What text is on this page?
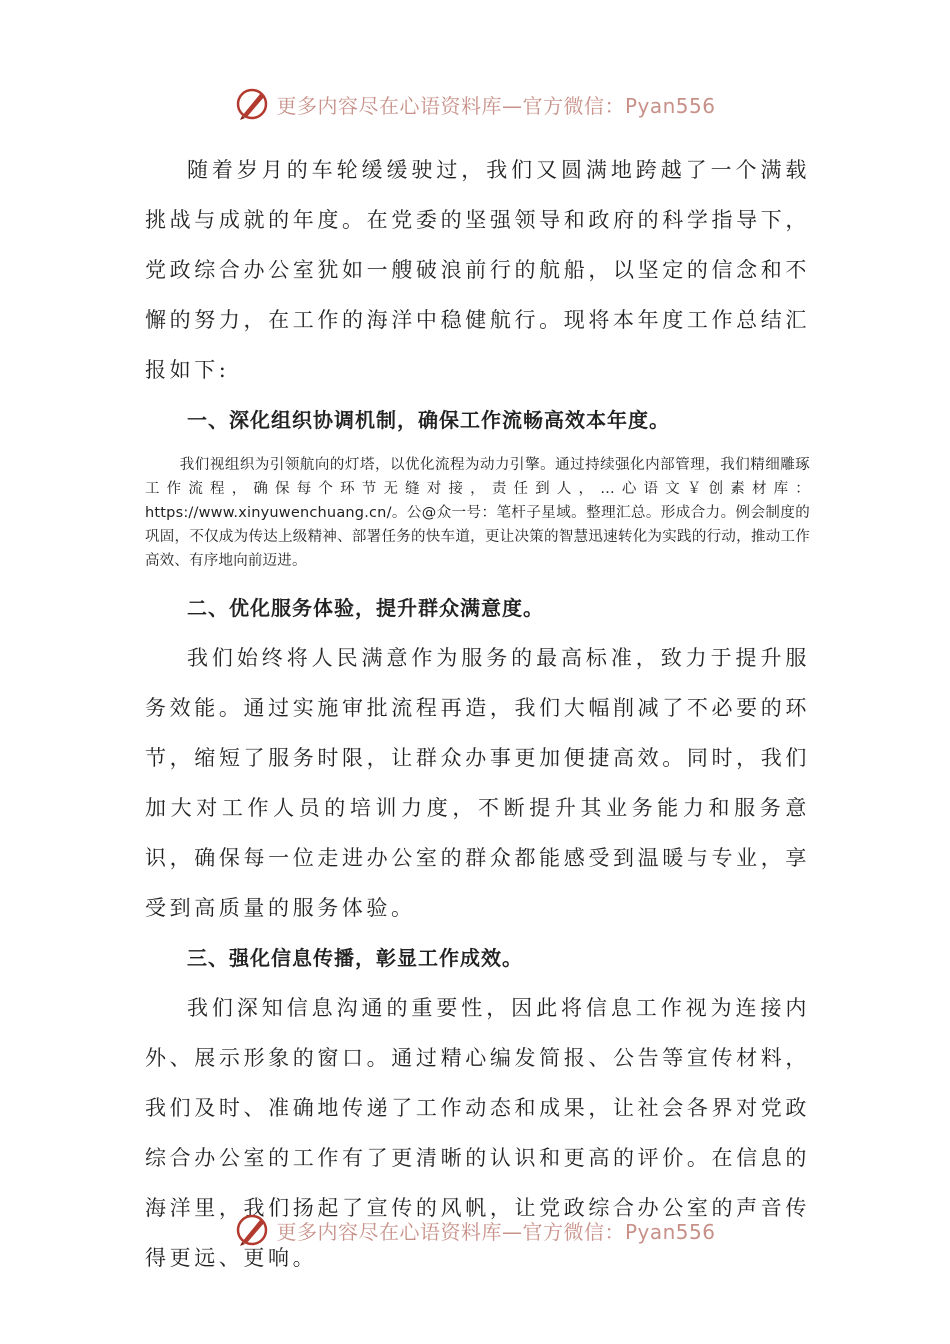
更多内容尽在心语资料库—官方微信：Pyan556

随着岁月的车轮缓缓驶过，我们又圆满地跨越了一个满载挑战与成就的年度。在党委的坚强领导和政府的科学指导下，党政综合办公室犹如一艘破浪前行的航船，以坚定的信念和不懈的努力，在工作的海洋中稳健航行。现将本年度工作总结汇报如下:

一、深化组织协调机制，确保工作流畅高效本年度。

我们视组织为引领航向的灯塔，以优化流程为动力引擎。通过持续强化内部管理，我们精细雕琢工作流程，确保每个环节无缝对接，责任到人，…心语文￥创素材库：https://www.xinyuwenchuang.cn/。公@众一号：笔杆子星域。整理汇总。形成合力。例会制度的巩固，不仅成为传达上级精神、部署任务的快车道，更让决策的智慧迅速转化为实践的行动，推动工作高效、有序地向前迈进。

二、优化服务体验，提升群众满意度。

我们始终将人民满意作为服务的最高标准，致力于提升服务效能。通过实施审批流程再造，我们大幅削减了不必要的环节，缩短了服务时限，让群众办事更加便捷高效。同时，我们加大对工作人员的培训力度，不断提升其业务能力和服务意识，确保每一位走进办公室的群众都能感受到温暖与专业，享受到高质量的服务体验。

三、强化信息传播，彰显工作成效。

我们深知信息沟通的重要性，因此将信息工作视为连接内外、展示形象的窗口。通过精心编发简报、公告等宣传材料，我们及时、准确地传递了工作动态和成果，让社会各界对党政综合办公室的工作有了更清晰的认识和更高的评价。在信息的海洋里，我们扬起了宣传的风帆，让党政综合办公室的声音传得更远、更响。

更多内容尽在心语资料库—官方微信：Pyan556
